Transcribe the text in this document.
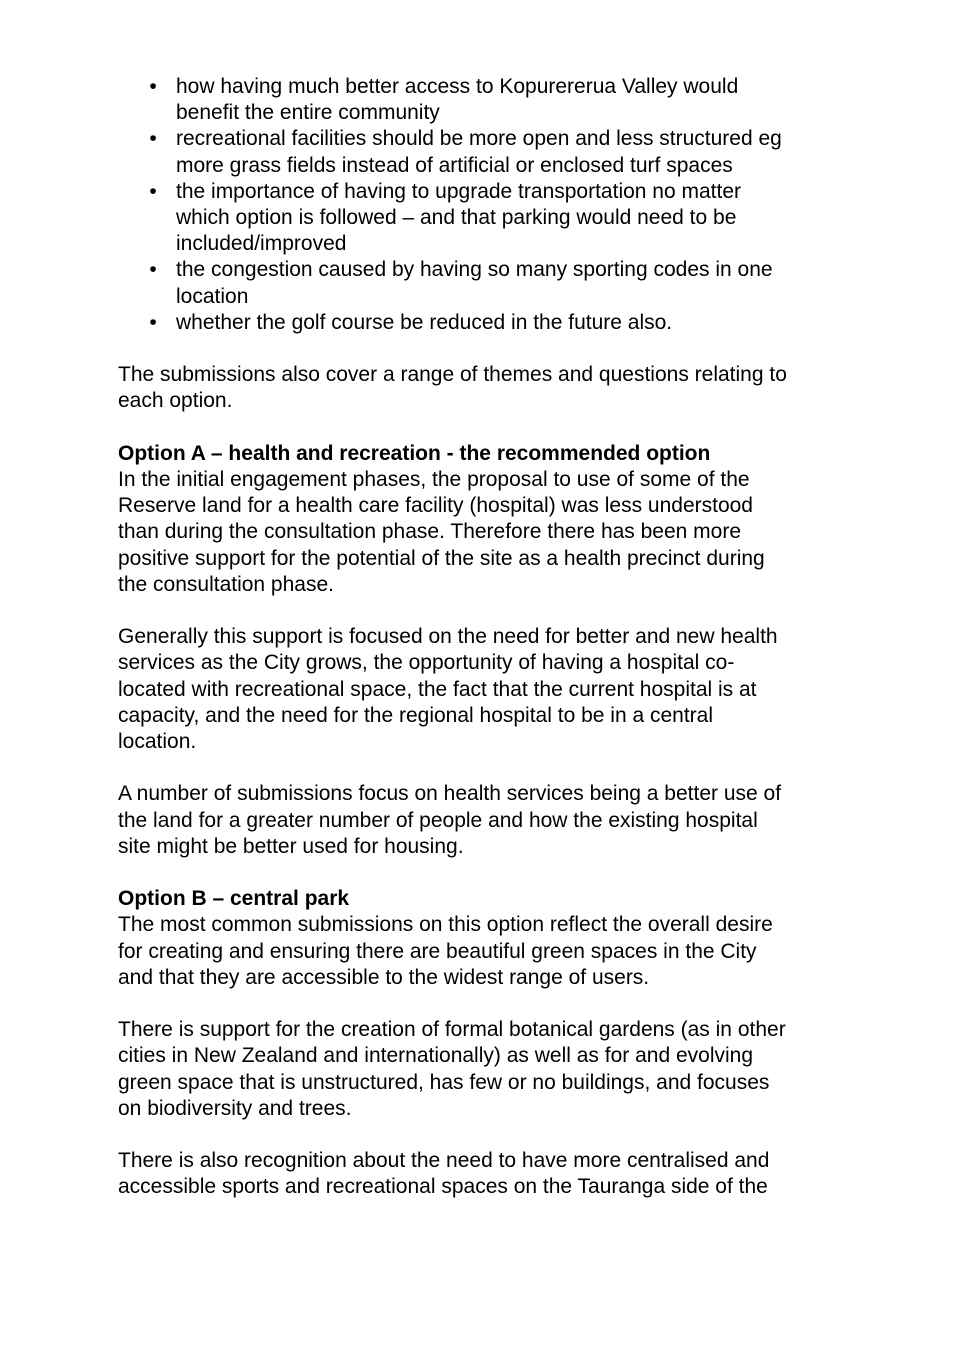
• how having much better access to Kopurererua Valley would
benefit the entire community
• recreational facilities should be more open and less structured eg
more grass fields instead of artificial or enclosed turf spaces
• the importance of having to upgrade transportation no matter
which option is followed – and that parking would need to be
included/improved
• the congestion caused by having so many sporting codes in one
location
• whether the golf course be reduced in the future also.

The submissions also cover a range of themes and questions relating to
each option.

Option A – health and recreation - the recommended option

In the initial engagement phases, the proposal to use of some of the
Reserve land for a health care facility (hospital) was less understood
than during the consultation phase. Therefore there has been more
positive support for the potential of the site as a health precinct during
the consultation phase.

Generally this support is focused on the need for better and new health
services as the City grows, the opportunity of having a hospital co-
located with recreational space, the fact that the current hospital is at
capacity, and the need for the regional hospital to be in a central
location.

A number of submissions focus on health services being a better use of
the land for a greater number of people and how the existing hospital
site might be better used for housing.

Option B – central park

The most common submissions on this option reflect the overall desire
for creating and ensuring there are beautiful green spaces in the City
and that they are accessible to the widest range of users.

There is support for the creation of formal botanical gardens (as in other
cities in New Zealand and internationally) as well as for and evolving
green space that is unstructured, has few or no buildings, and focuses
on biodiversity and trees.

There is also recognition about the need to have more centralised and
accessible sports and recreational spaces on the Tauranga side of the
